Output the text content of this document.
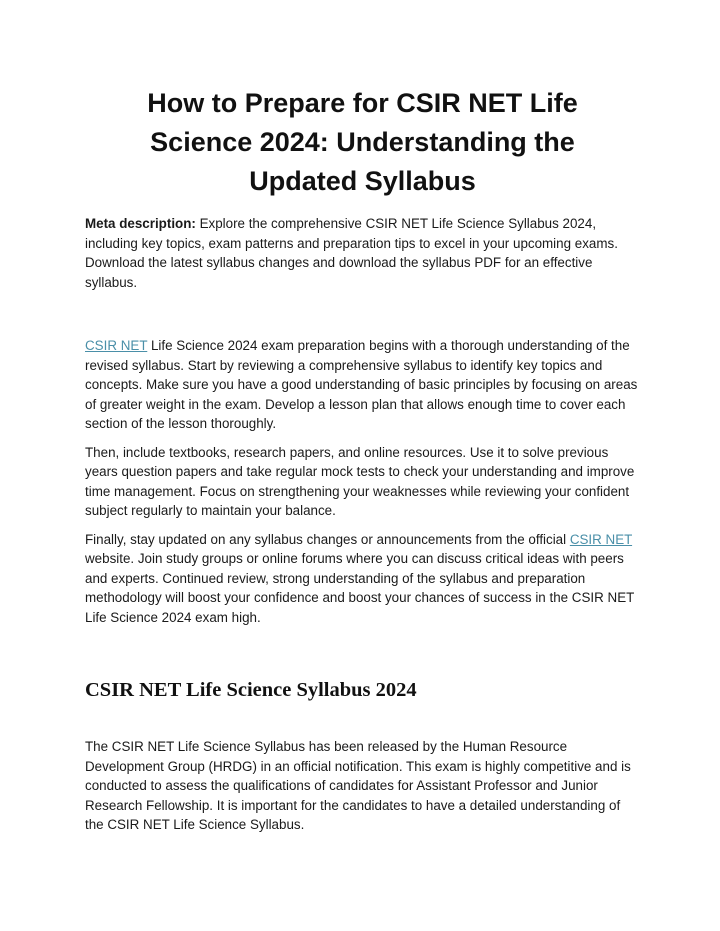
How to Prepare for CSIR NET Life Science 2024: Understanding the Updated Syllabus

Meta description: Explore the comprehensive CSIR NET Life Science Syllabus 2024, including key topics, exam patterns and preparation tips to excel in your upcoming exams. Download the latest syllabus changes and download the syllabus PDF for an effective syllabus.

CSIR NET Life Science 2024 exam preparation begins with a thorough understanding of the revised syllabus. Start by reviewing a comprehensive syllabus to identify key topics and concepts. Make sure you have a good understanding of basic principles by focusing on areas of greater weight in the exam. Develop a lesson plan that allows enough time to cover each section of the lesson thoroughly.

Then, include textbooks, research papers, and online resources. Use it to solve previous years question papers and take regular mock tests to check your understanding and improve time management. Focus on strengthening your weaknesses while reviewing your confident subject regularly to maintain your balance.

Finally, stay updated on any syllabus changes or announcements from the official CSIR NET website. Join study groups or online forums where you can discuss critical ideas with peers and experts. Continued review, strong understanding of the syllabus and preparation methodology will boost your confidence and boost your chances of success in the CSIR NET Life Science 2024 exam high.

CSIR NET Life Science Syllabus 2024

The CSIR NET Life Science Syllabus has been released by the Human Resource Development Group (HRDG) in an official notification. This exam is highly competitive and is conducted to assess the qualifications of candidates for Assistant Professor and Junior Research Fellowship. It is important for the candidates to have a detailed understanding of the CSIR NET Life Science Syllabus.
